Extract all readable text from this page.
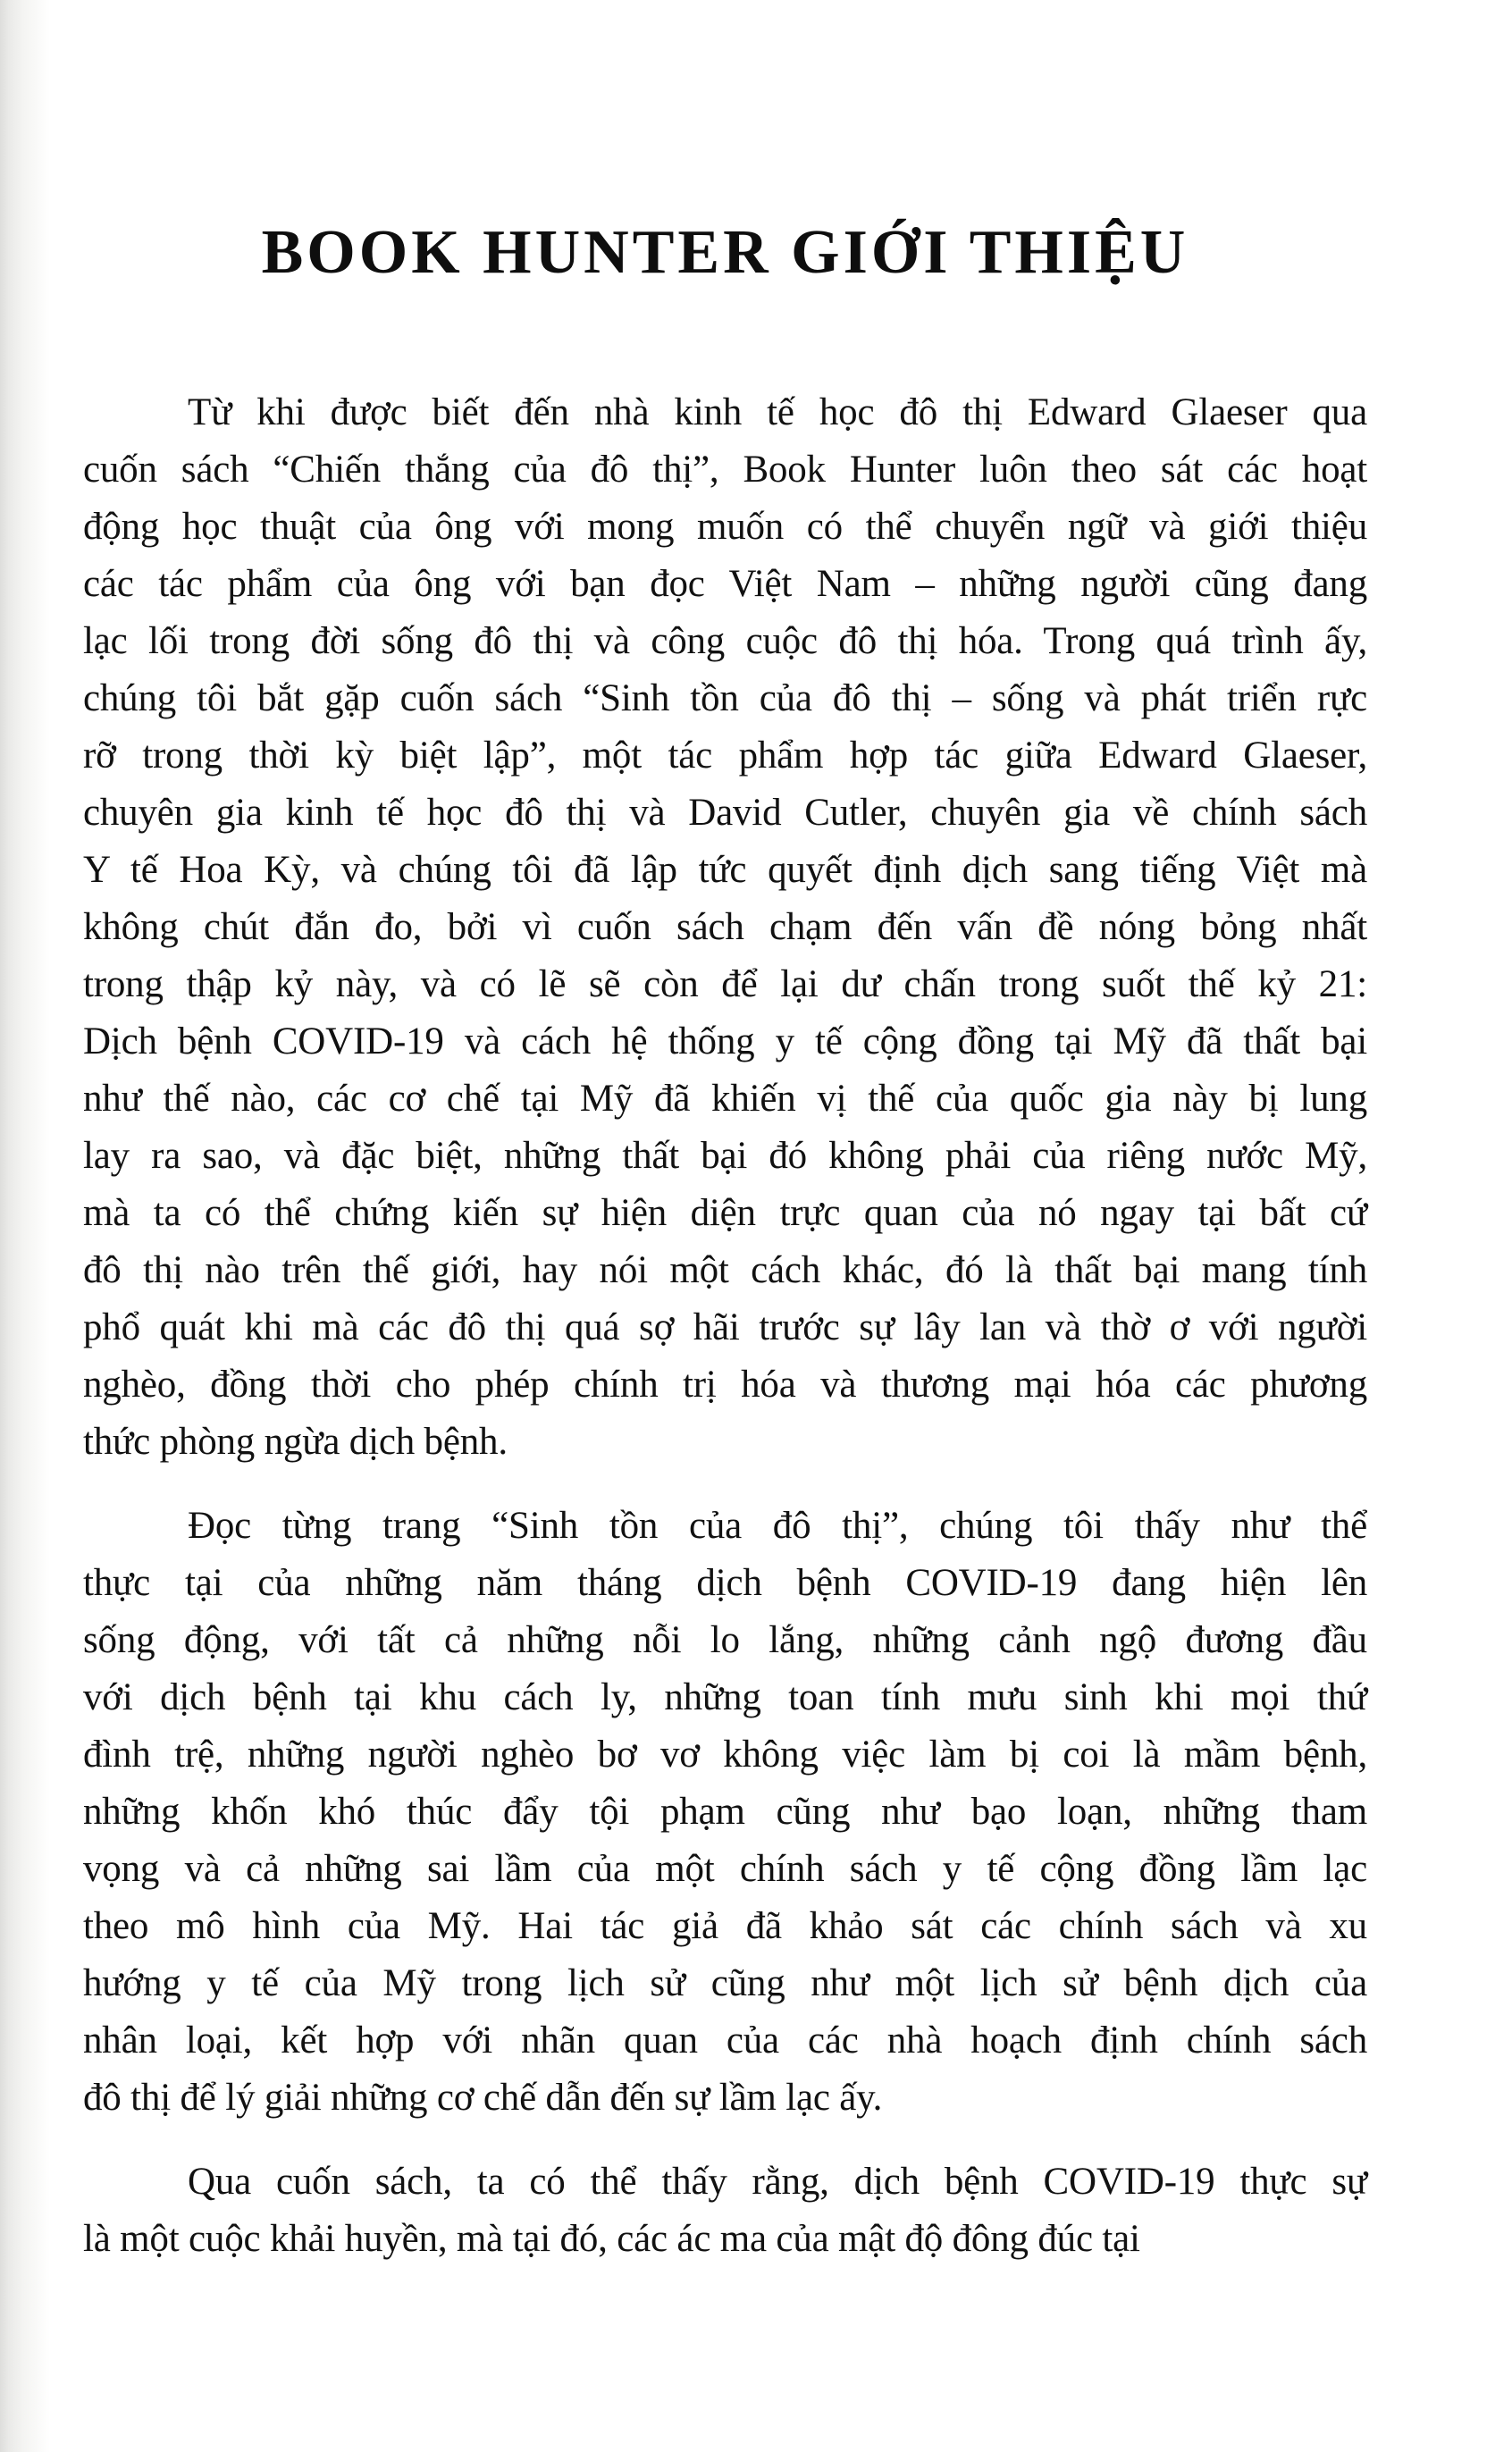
BOOK HUNTER GIỚI THIỆU
Từ khi được biết đến nhà kinh tế học đô thị Edward Glaeser qua
cuốn sách “Chiến thắng của đô thị”, Book Hunter luôn theo sát các hoạt
động học thuật của ông với mong muốn có thể chuyển ngữ và giới thiệu
các tác phẩm của ông với bạn đọc Việt Nam – những người cũng đang
lạc lối trong đời sống đô thị và công cuộc đô thị hóa. Trong quá trình ấy,
chúng tôi bắt gặp cuốn sách “Sinh tồn của đô thị – sống và phát triển rực
rỡ trong thời kỳ biệt lập”, một tác phẩm hợp tác giữa Edward Glaeser,
chuyên gia kinh tế học đô thị và David Cutler, chuyên gia về chính sách
Y tế Hoa Kỳ, và chúng tôi đã lập tức quyết định dịch sang tiếng Việt mà
không chút đắn đo, bởi vì cuốn sách chạm đến vấn đề nóng bỏng nhất
trong thập kỷ này, và có lẽ sẽ còn để lại dư chấn trong suốt thế kỷ 21:
Dịch bệnh COVID-19 và cách hệ thống y tế cộng đồng tại Mỹ đã thất bại
như thế nào, các cơ chế tại Mỹ đã khiến vị thế của quốc gia này bị lung
lay ra sao, và đặc biệt, những thất bại đó không phải của riêng nước Mỹ,
mà ta có thể chứng kiến sự hiện diện trực quan của nó ngay tại bất cứ
đô thị nào trên thế giới, hay nói một cách khác, đó là thất bại mang tính
phổ quát khi mà các đô thị quá sợ hãi trước sự lây lan và thờ ơ với người
nghèo, đồng thời cho phép chính trị hóa và thương mại hóa các phương
thức phòng ngừa dịch bệnh.
Đọc từng trang “Sinh tồn của đô thị”, chúng tôi thấy như thể
thực tại của những năm tháng dịch bệnh COVID-19 đang hiện lên
sống động, với tất cả những nỗi lo lắng, những cảnh ngộ đương đầu
với dịch bệnh tại khu cách ly, những toan tính mưu sinh khi mọi thứ
đình trệ, những người nghèo bơ vơ không việc làm bị coi là mầm bệnh,
những khốn khó thúc đẩy tội phạm cũng như bạo loạn, những tham
vọng và cả những sai lầm của một chính sách y tế cộng đồng lầm lạc
theo mô hình của Mỹ. Hai tác giả đã khảo sát các chính sách và xu
hướng y tế của Mỹ trong lịch sử cũng như một lịch sử bệnh dịch của
nhân loại, kết hợp với nhãn quan của các nhà hoạch định chính sách
đô thị để lý giải những cơ chế dẫn đến sự lầm lạc ấy.
Qua cuốn sách, ta có thể thấy rằng, dịch bệnh COVID-19 thực sự
là một cuộc khải huyền, mà tại đó, các ác ma của mật độ đông đúc tại
